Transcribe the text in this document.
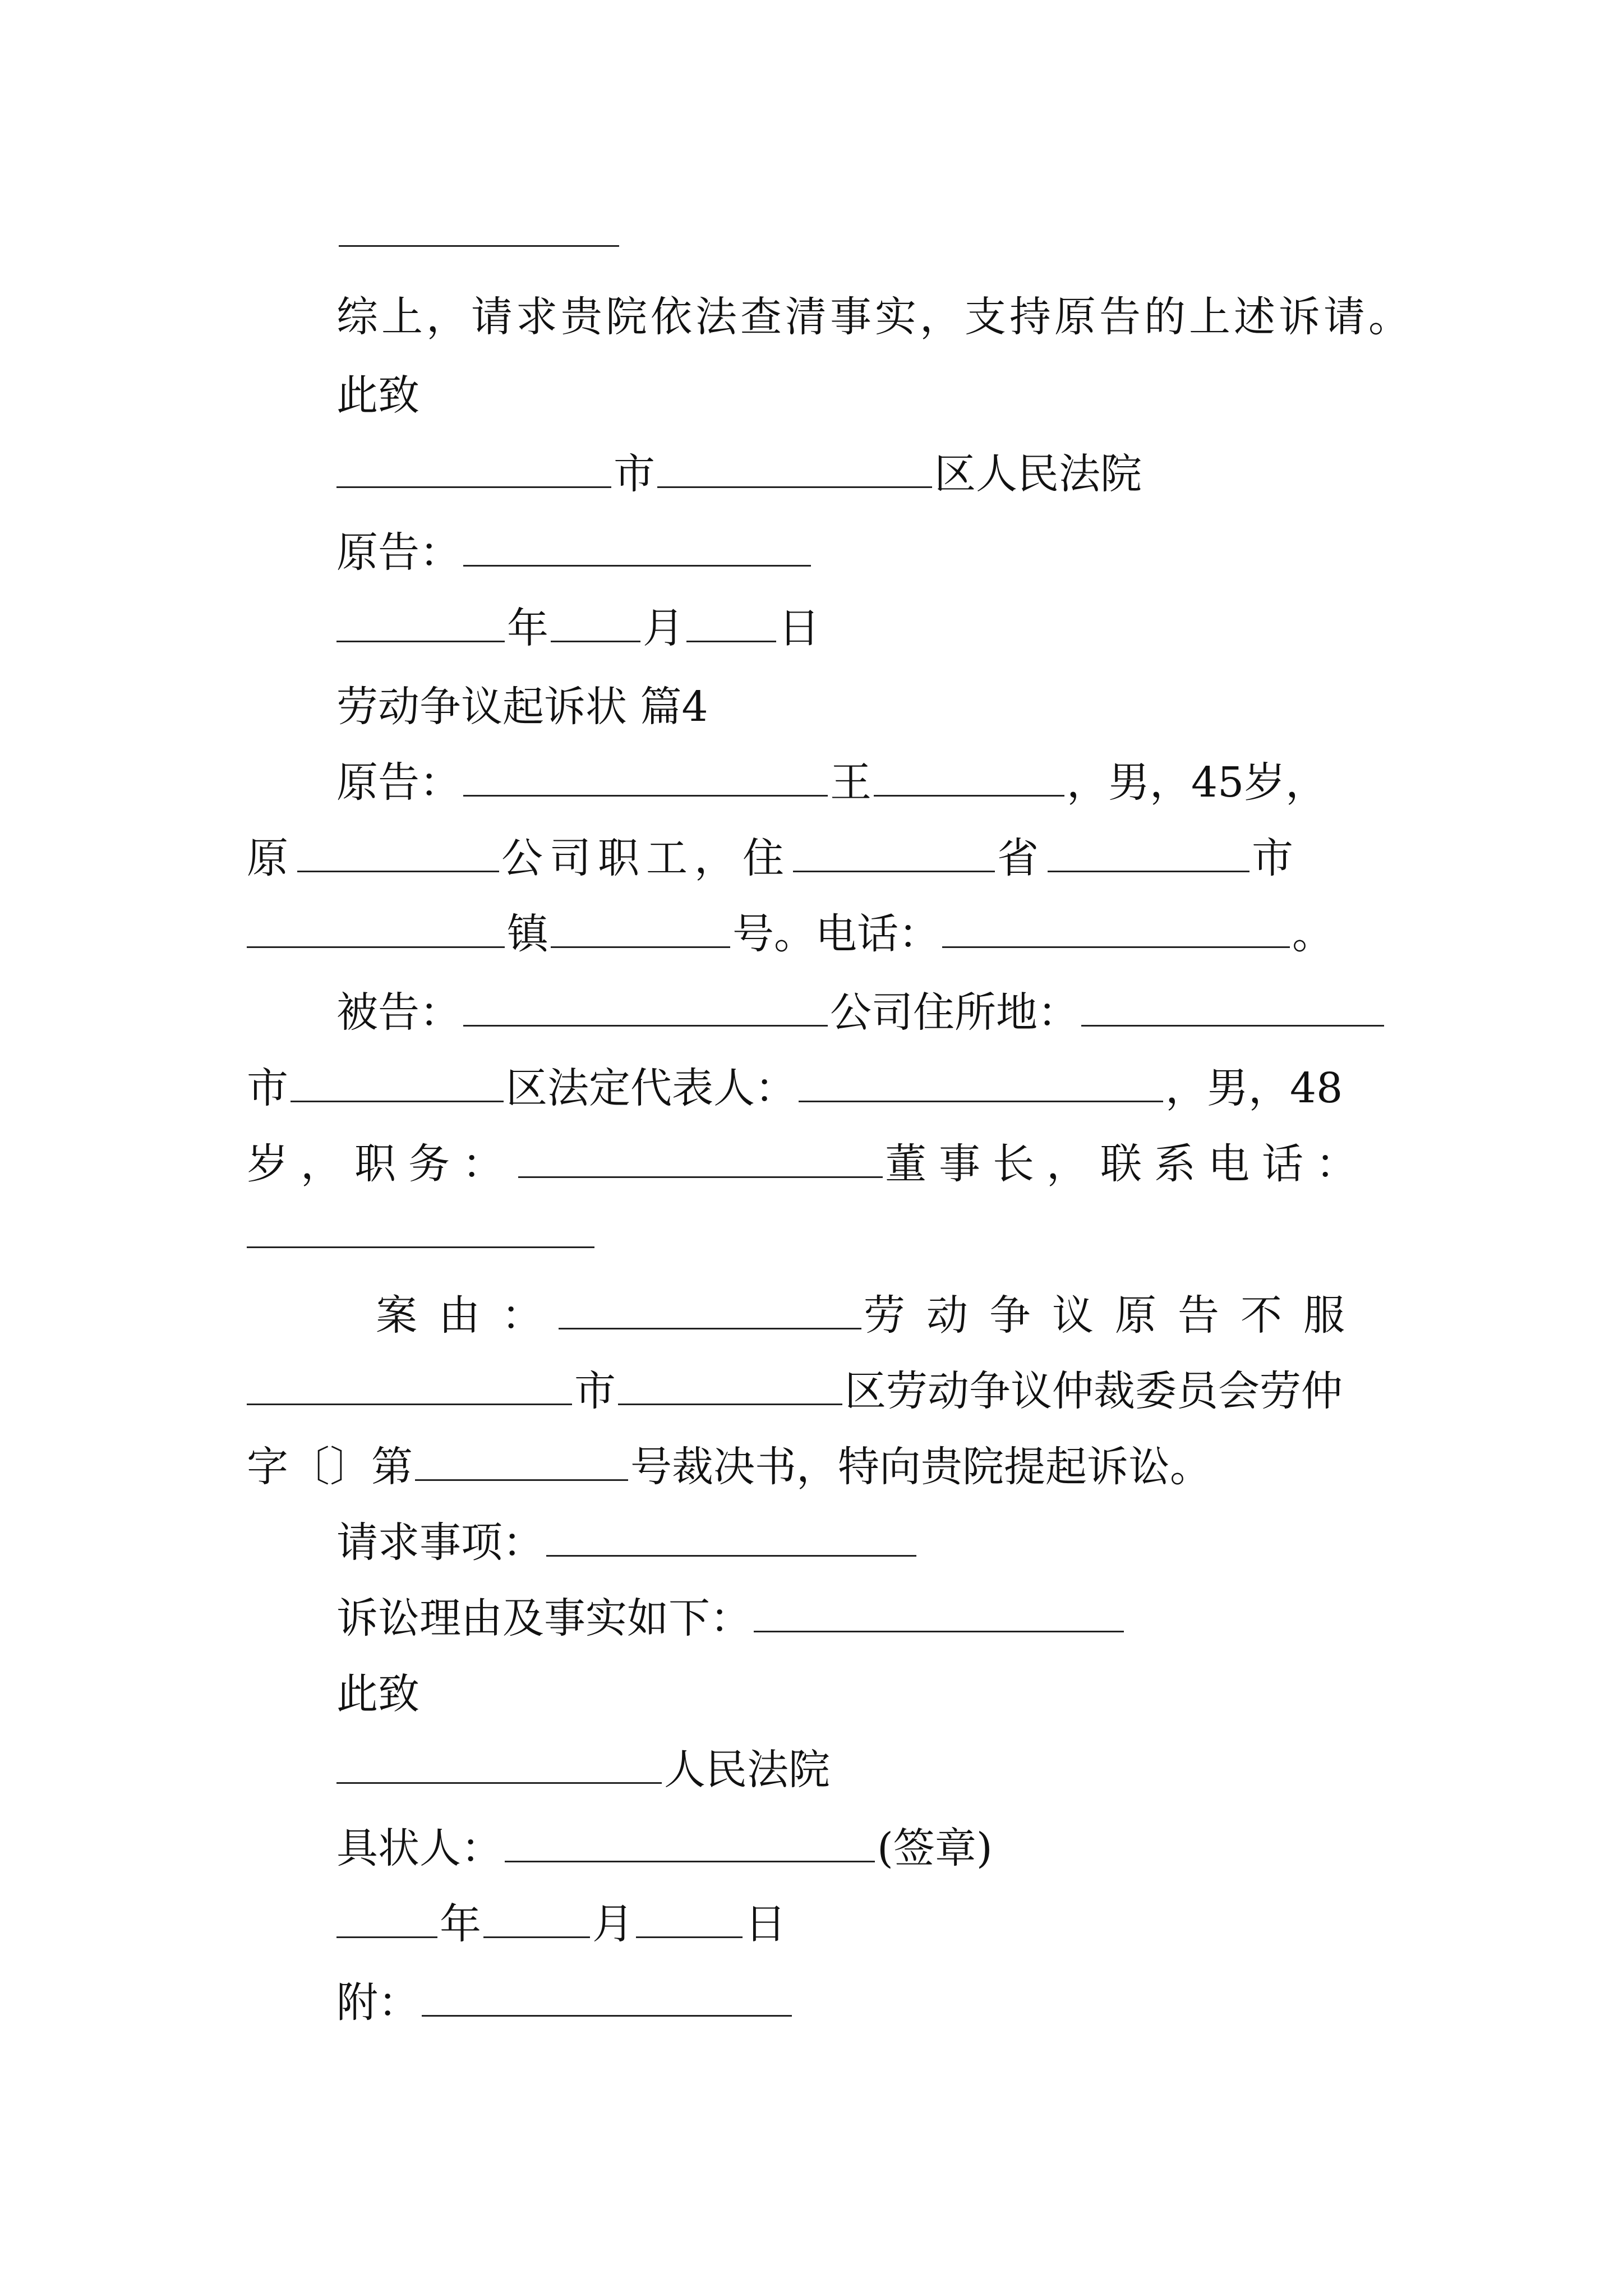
综上，请求贵院依法查清事实，支持原告的上述诉请。
此致
市	区人民法院
原告：
年 月 日
劳动争议起诉状 篇4
原告：	王	，男，45岁，
原	公司职工，住	省	市
镇	号。电话：	。
被告：	公司住所地：
市	区法定代表人：	，男，48
岁，职务：	董事长，联系电话：
案由：	劳动争议原告不服
市	区劳动争议仲裁委员会劳仲
字〔〕第	号裁决书，特向贵院提起诉讼。
请求事项：
诉讼理由及事实如下：
此致
人民法院
具状人：	(签章)
年	月	日
附：
